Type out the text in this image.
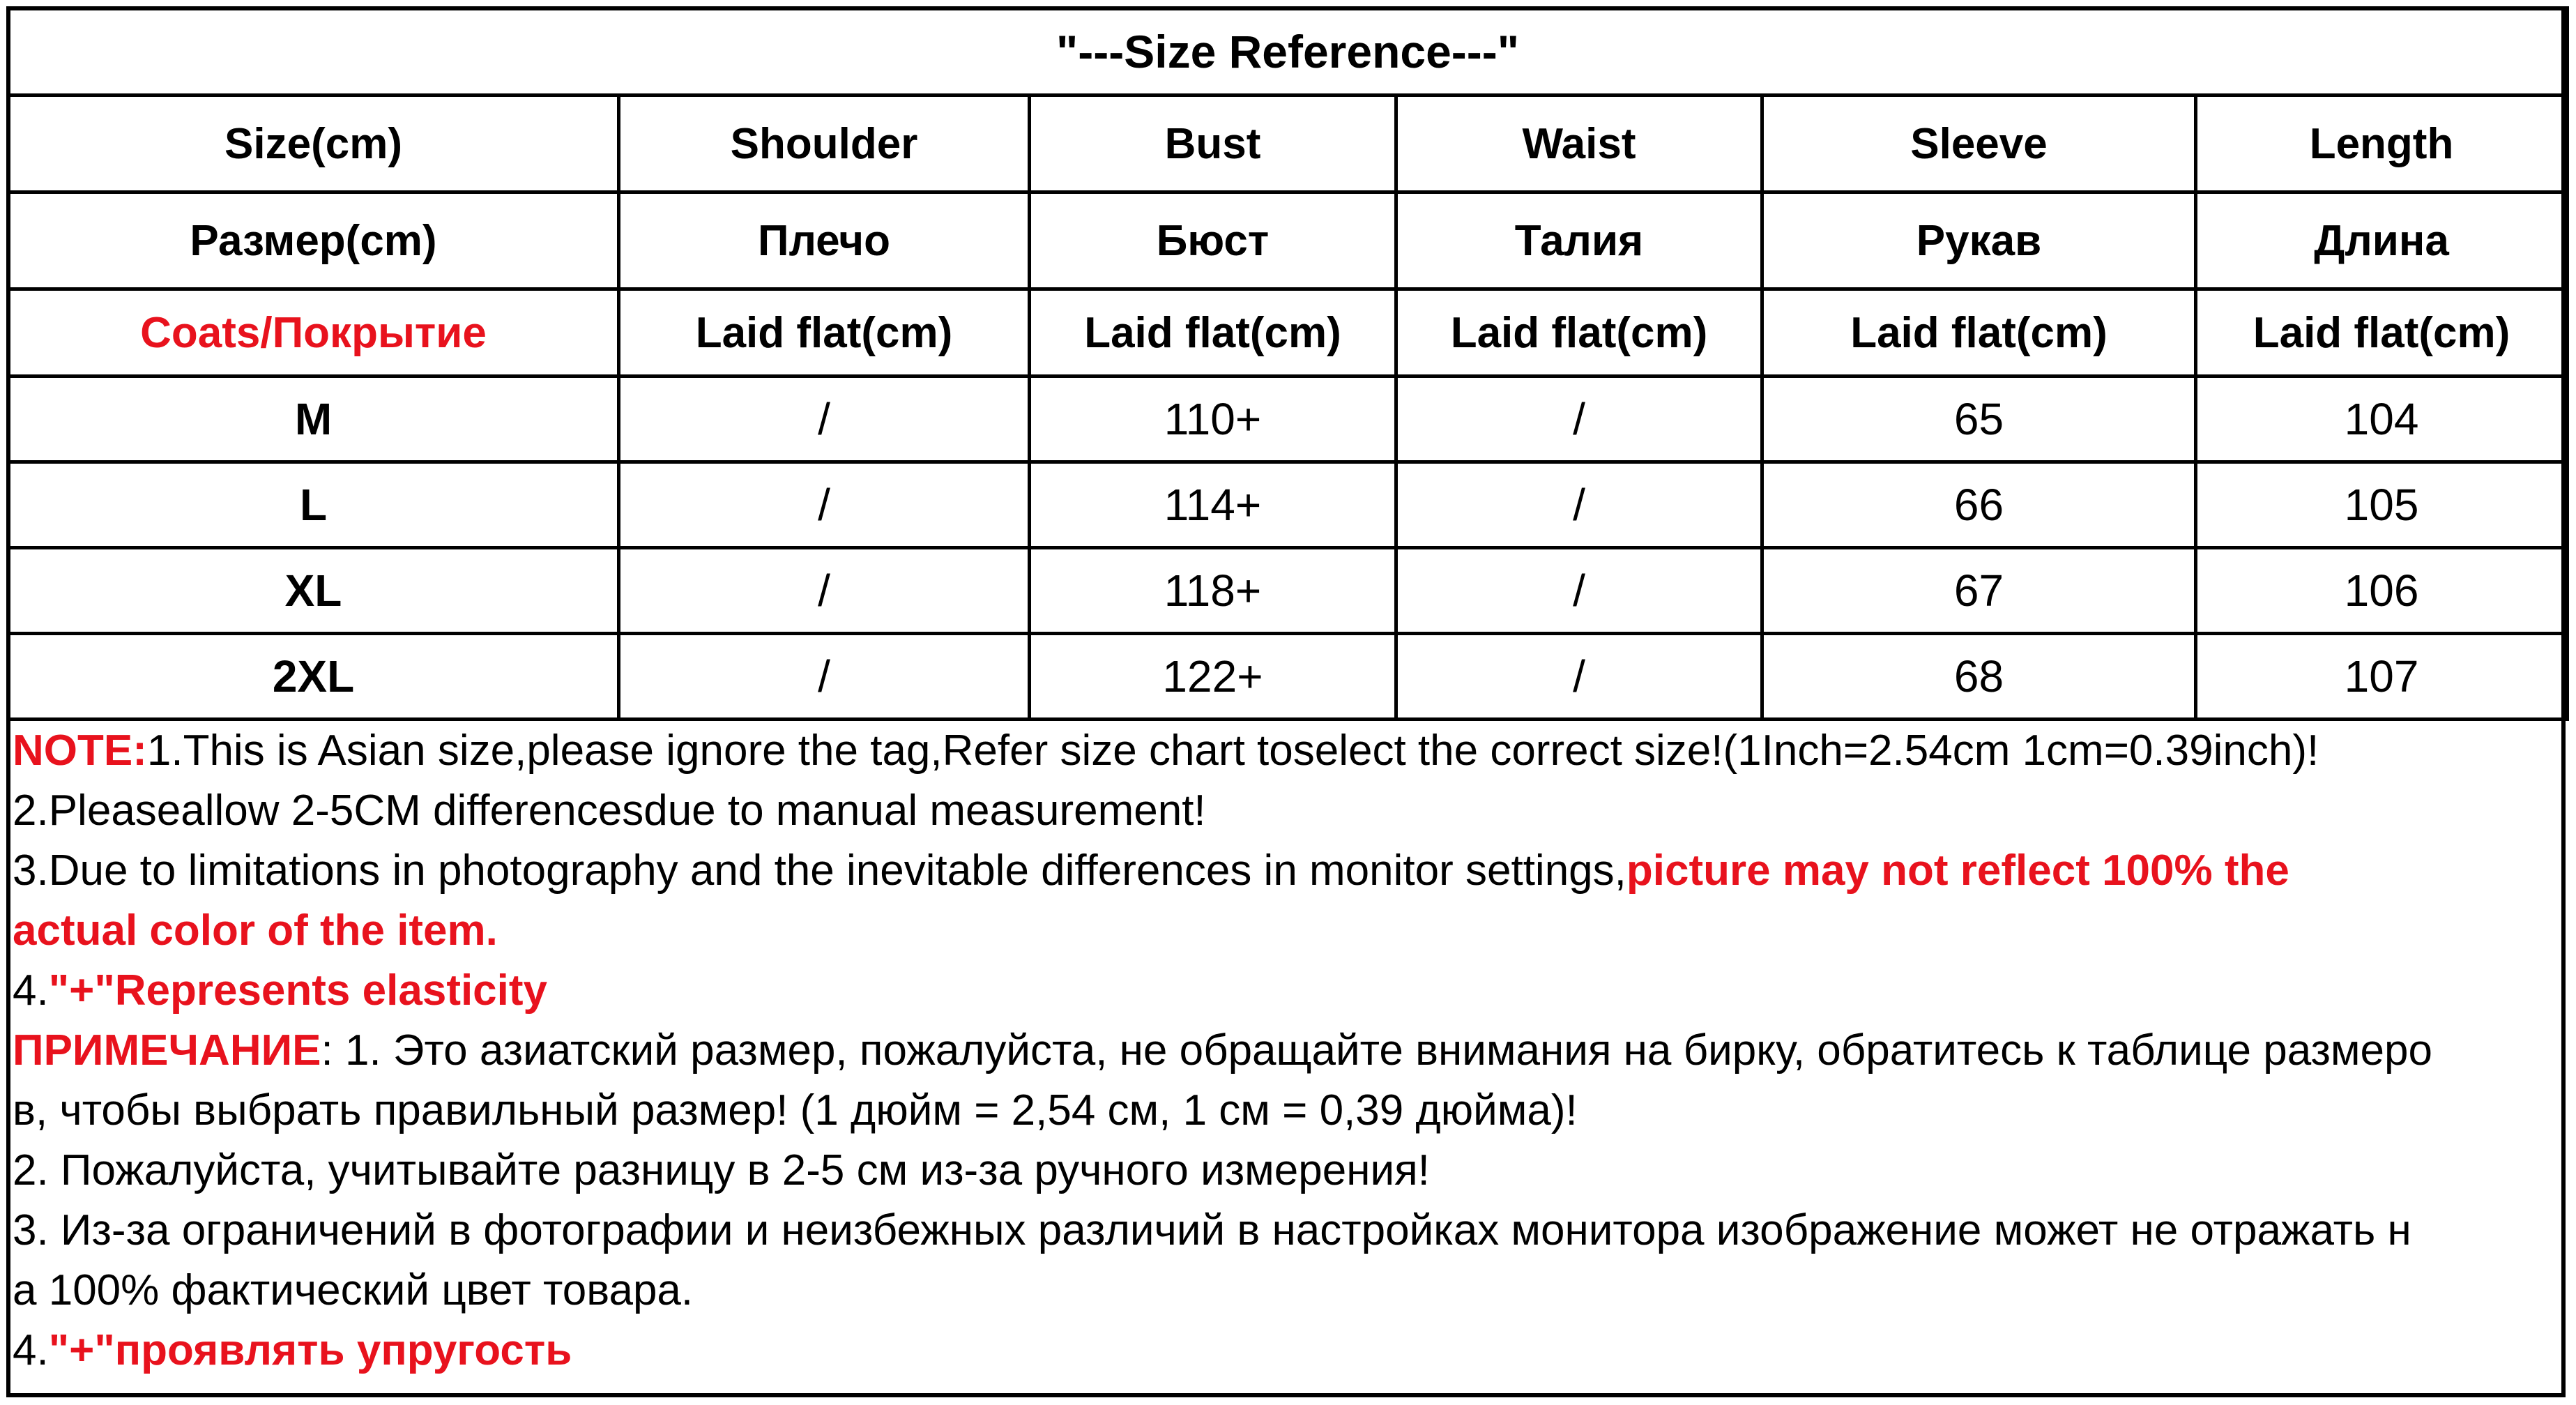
"---Size Reference---"					
Size(cm)	Shoulder	Bust	Waist	Sleeve	Length
Размер(cm)	Плечо	Бюст	Талия	Рукав	Длина
Coats/Покрытие	Laid flat(cm)	Laid flat(cm)	Laid flat(cm)	Laid flat(cm)	Laid flat(cm)
M	/	110+	/	65	104
L	/	114+	/	66	105
XL	/	118+	/	67	106
2XL	/	122+	/	68	107
NOTE:1.This is Asian size,please ignore the tag,Refer size chart toselect the correct size!(1Inch=2.54cm 1cm=0.39inch)!
2.Pleaseallow 2-5CM differencesdue to manual measurement!
3.Due to limitations in photography and the inevitable differences in monitor settings,picture may not reflect 100% the
actual color of the item.
4."+"Represents elasticity
ПРИМЕЧАНИЕ: 1. Это азиатский размер, пожалуйста, не обращайте внимания на бирку, обратитесь к таблице размеро
в, чтобы выбрать правильный размер! (1 дюйм = 2,54 см, 1 см = 0,39 дюйма)!
2. Пожалуйста, учитывайте разницу в 2-5 см из-за ручного измерения!
3. Из-за ограничений в фотографии и неизбежных различий в настройках монитора изображение может не отражать н
а 100% фактический цвет товара.
4."+"проявлять упругость
